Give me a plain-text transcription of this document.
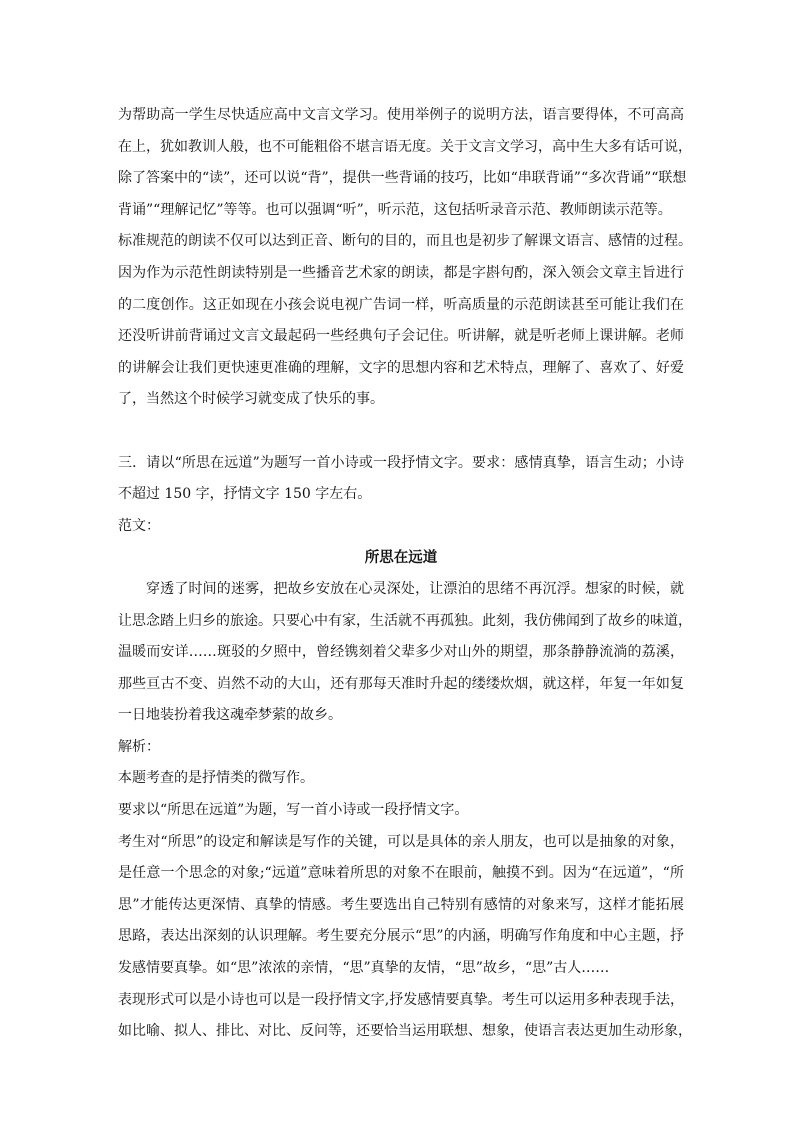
为帮助高一学生尽快适应高中文言文学习。使用举例子的说明方法，语言要得体，不可高高
在上，犹如教训人般，也不可能粗俗不堪言语无度。关于文言文学习，高中生大多有话可说，
除了答案中的“读”，还可以说“背”，提供一些背诵的技巧，比如“串联背诵”“多次背诵”“联想
背诵”“理解记忆”等等。也可以强调“听”，听示范，这包括听录音示范、教师朗读示范等。
标准规范的朗读不仅可以达到正音、断句的目的，而且也是初步了解课文语言、感情的过程。
因为作为示范性朗读特别是一些播音艺术家的朗读，都是字斟句酌，深入领会文章主旨进行
的二度创作。这正如现在小孩会说电视广告词一样，听高质量的示范朗读甚至可能让我们在
还没听讲前背诵过文言文最起码一些经典句子会记住。听讲解，就是听老师上课讲解。老师
的讲解会让我们更快速更准确的理解，文字的思想内容和艺术特点，理解了、喜欢了、好爱
了，当然这个时候学习就变成了快乐的事。
三．请以“所思在远道”为题写一首小诗或一段抒情文字。要求：感情真挚，语言生动；小诗
不超过 150 字，抒情文字 150 字左右。
范文：
所思在远道
穿透了时间的迷雾，把故乡安放在心灵深处，让漂泊的思绪不再沉浮。想家的时候，就
让思念踏上归乡的旅途。只要心中有家，生活就不再孤独。此刻，我仿佛闻到了故乡的味道，
温暖而安详……斑驳的夕照中，曾经镌刻着父辈多少对山外的期望，那条静静流淌的荔溪，
那些亘古不变、岿然不动的大山，还有那每天准时升起的缕缕炊烟，就这样，年复一年如复
一日地装扮着我这魂牵梦萦的故乡。
解析：
本题考查的是抒情类的微写作。
要求以“所思在远道”为题，写一首小诗或一段抒情文字。
考生对“所思”的设定和解读是写作的关键，可以是具体的亲人朋友，也可以是抽象的对象，
是任意一个思念的对象;“远道”意味着所思的对象不在眼前，触摸不到。因为“在远道”，“所
思”才能传达更深情、真挚的情感。考生要选出自己特别有感情的对象来写，这样才能拓展
思路，表达出深刻的认识理解。考生要充分展示“思”的内涵，明确写作角度和中心主题，抒
发感情要真挚。如“思”浓浓的亲情，“思”真挚的友情，“思”故乡，“思”古人……
表现形式可以是小诗也可以是一段抒情文字,抒发感情要真挚。考生可以运用多种表现手法，
如比喻、拟人、排比、对比、反问等，还要恰当运用联想、想象，使语言表达更加生动形象，
